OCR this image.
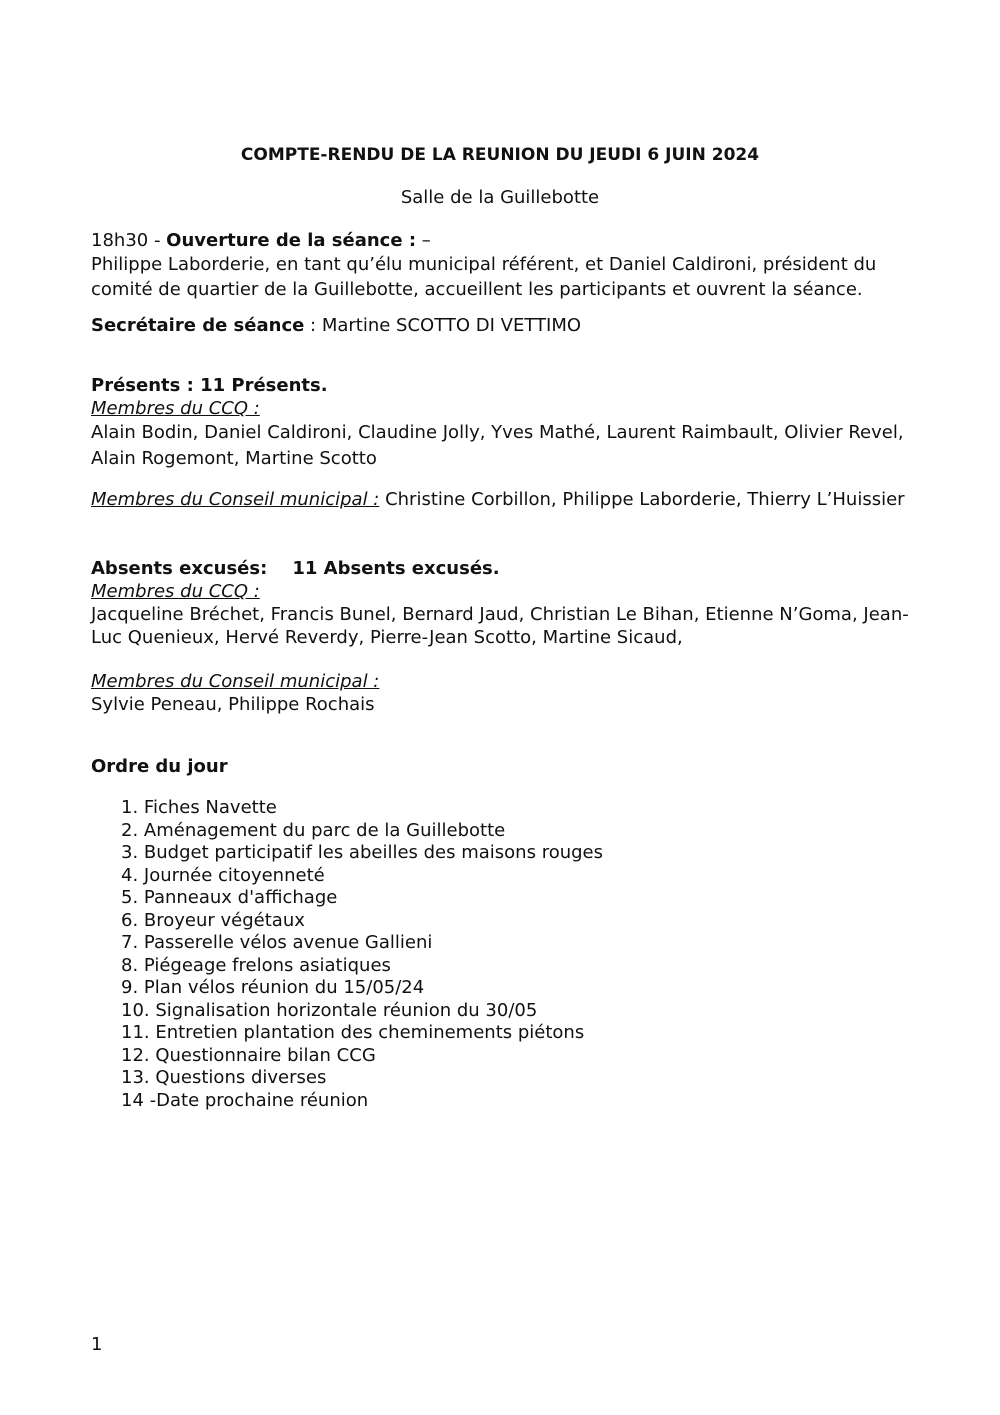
COMPTE-RENDU DE LA REUNION DU JEUDI 6 JUIN 2024
Salle de la Guillebotte

18h30 - Ouverture de la séance : –

Philippe Laborderie, en tant qu’élu municipal référent, et Daniel Caldironi, président du comité de quartier de la Guillebotte, accueillent les participants et ouvrent la séance.

Secrétaire de séance : Martine SCOTTO DI VETTIMO

Présents : 11 Présents.

Membres du CCQ :

Alain Bodin, Daniel Caldironi, Claudine Jolly, Yves Mathé, Laurent Raimbault, Olivier Revel, Alain Rogemont, Martine Scotto

Membres du Conseil municipal : Christine Corbillon, Philippe Laborderie, Thierry L’Huissier

Absents excusés:    11 Absents excusés.

Membres du CCQ :

Jacqueline Bréchet, Francis Bunel, Bernard Jaud, Christian Le Bihan, Etienne N’Goma, Jean-Luc Quenieux, Hervé Reverdy, Pierre-Jean Scotto, Martine Sicaud,

Membres du Conseil municipal :

Sylvie Peneau, Philippe Rochais

Ordre du jour
1. Fiches Navette
2. Aménagement du parc de la Guillebotte
3. Budget participatif les abeilles des maisons rouges
4. Journée citoyenneté
5. Panneaux d'affichage
6. Broyeur végétaux
7. Passerelle vélos avenue Gallieni
8. Piégeage frelons asiatiques
9. Plan vélos réunion du 15/05/24
10. Signalisation horizontale réunion du 30/05
11. Entretien plantation des cheminements piétons
12. Questionnaire bilan CCG
13. Questions diverses
14 -Date prochaine réunion
1
